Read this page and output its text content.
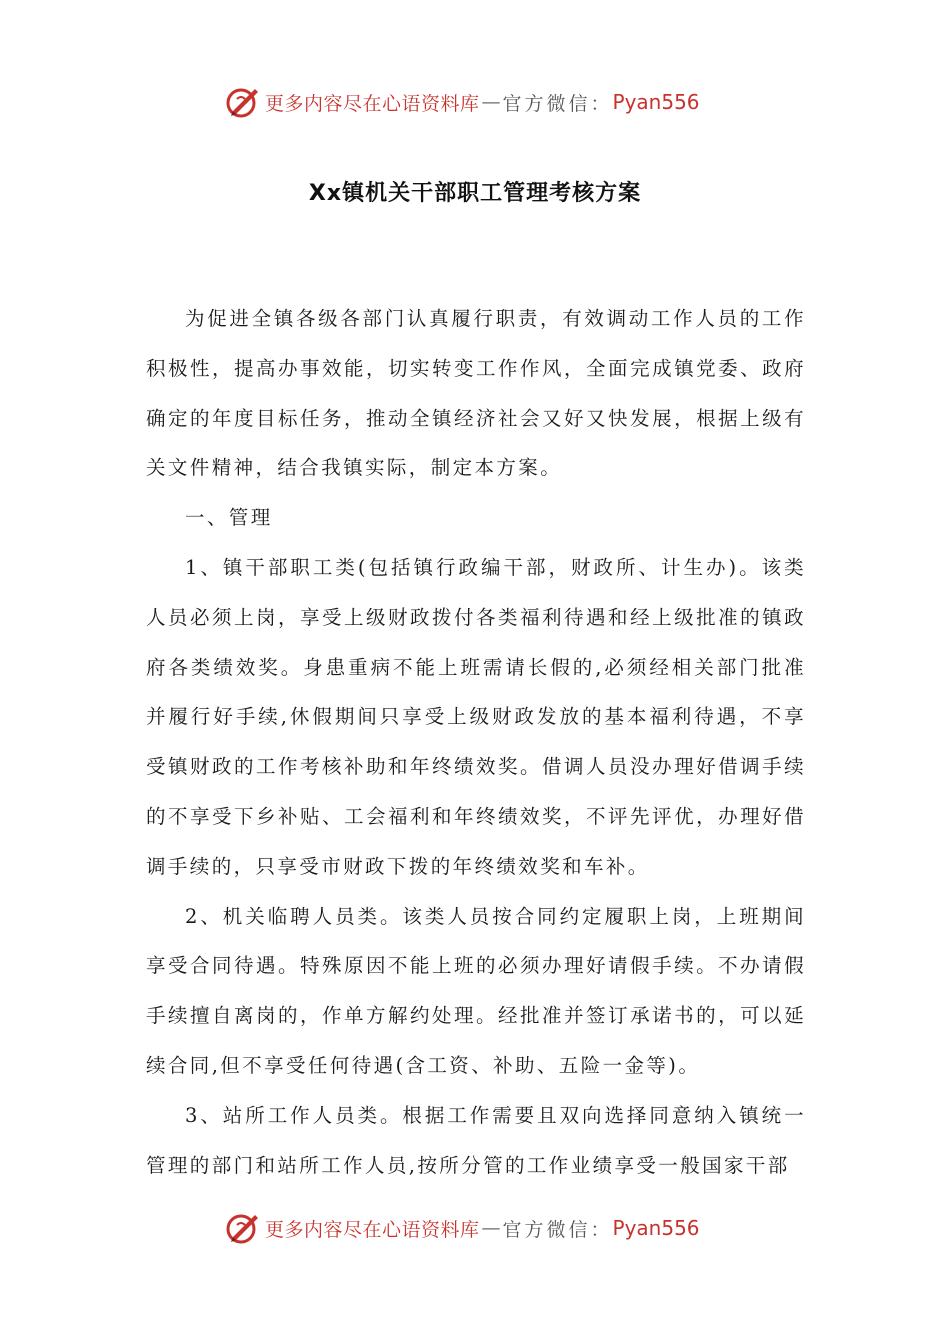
更多内容尽在心语资料库 — 官方微信： Pyan556
Xx镇机关干部职工管理考核方案

为促进全镇各级各部门认真履行职责，有效调动工作人员的工作积极性，提高办事效能，切实转变工作作风，全面完成镇党委、政府确定的年度目标任务，推动全镇经济社会又好又快发展，根据上级有关文件精神，结合我镇实际，制定本方案。

一、管理

1、镇干部职工类(包括镇行政编干部，财政所、计生办)。该类人员必须上岗，享受上级财政拨付各类福利待遇和经上级批准的镇政府各类绩效奖。身患重病不能上班需请长假的,必须经相关部门批准并履行好手续,休假期间只享受上级财政发放的基本福利待遇，不享受镇财政的工作考核补助和年终绩效奖。借调人员没办理好借调手续的不享受下乡补贴、工会福利和年终绩效奖，不评先评优，办理好借调手续的，只享受市财政下拨的年终绩效奖和车补。

2、机关临聘人员类。该类人员按合同约定履职上岗，上班期间享受合同待遇。特殊原因不能上班的必须办理好请假手续。不办请假手续擅自离岗的，作单方解约处理。经批准并签订承诺书的，可以延续合同,但不享受任何待遇(含工资、补助、五险一金等)。

3、站所工作人员类。根据工作需要且双向选择同意纳入镇统一管理的部门和站所工作人员,按所分管的工作业绩享受一般国家干部

更多内容尽在心语资料库 — 官方微信： Pyan556
